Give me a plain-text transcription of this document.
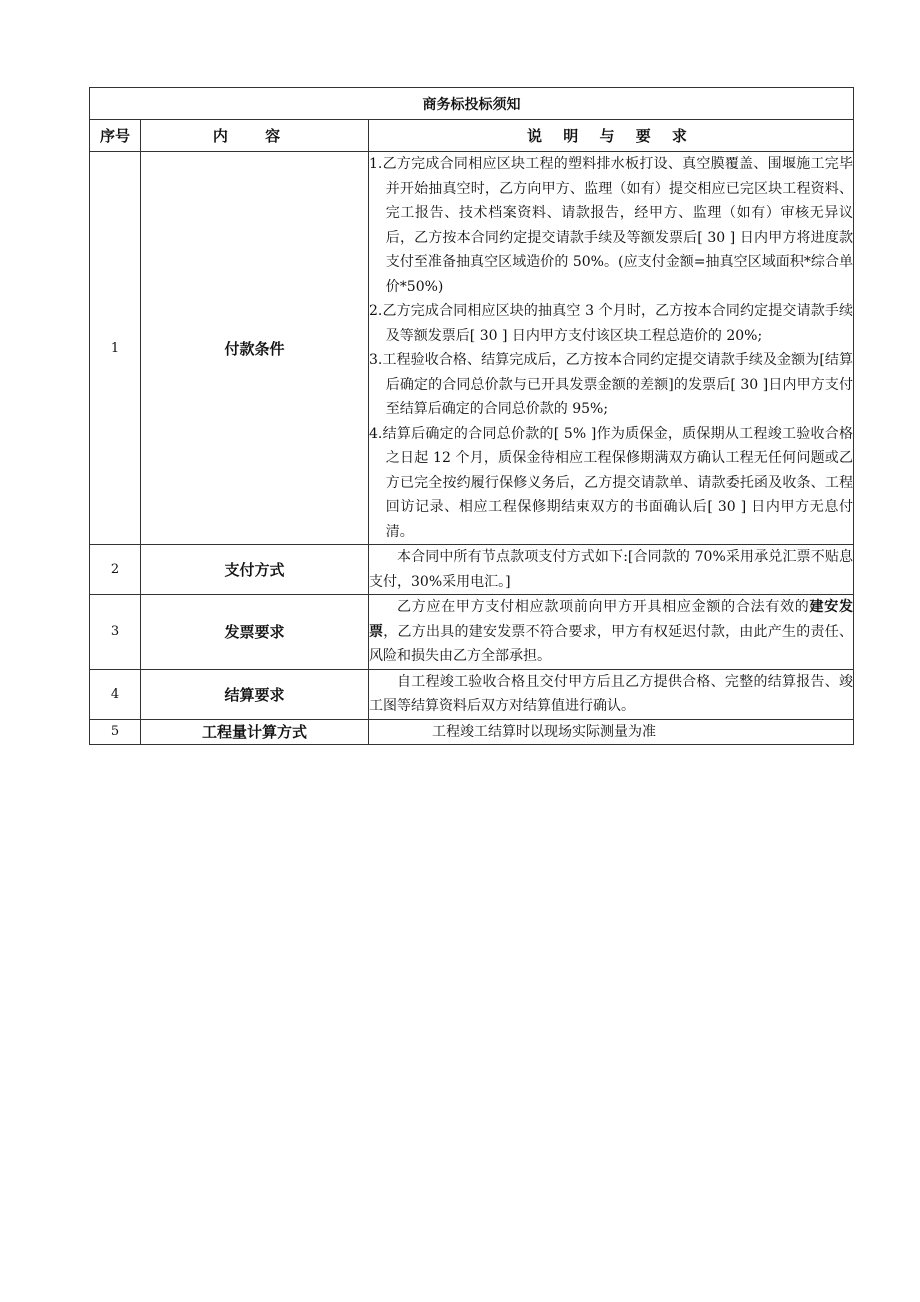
商务标投标须知		
序号	内 容	说 明 与 要 求
1	付款条件	1.乙方完成合同相应区块工程的塑料排水板打设、真空膜覆盖、围堰施工完毕并开始抽真空时，乙方向甲方、监理（如有）提交相应已完区块工程资料、完工报告、技术档案资料、请款报告，经甲方、监理（如有）审核无异议后，乙方按本合同约定提交请款手续及等额发票后[ 30 ] 日内甲方将进度款支付至准备抽真空区域造价的 50%。(应支付金额=抽真空区域面积*综合单价*50%)
2.乙方完成合同相应区块的抽真空 3 个月时，乙方按本合同约定提交请款手续及等额发票后[ 30 ] 日内甲方支付该区块工程总造价的 20%;
3.工程验收合格、结算完成后，乙方按本合同约定提交请款手续及金额为[结算后确定的合同总价款与已开具发票金额的差额]的发票后[ 30 ]日内甲方支付至结算后确定的合同总价款的 95%;
4.结算后确定的合同总价款的[ 5% ]作为质保金，质保期从工程竣工验收合格之日起 12 个月，质保金待相应工程保修期满双方确认工程无任何问题或乙方已完全按约履行保修义务后，乙方提交请款单、请款委托函及收条、工程回访记录、相应工程保修期结束双方的书面确认后[ 30 ] 日内甲方无息付清。

2	支付方式	本合同中所有节点款项支付方式如下:[合同款的 70%采用承兑汇票不贴息支付，30%采用电汇。]

3	发票要求	乙方应在甲方支付相应款项前向甲方开具相应金额的合法有效的建安发票，乙方出具的建安发票不符合要求，甲方有权延迟付款，由此产生的责任、风险和损失由乙方全部承担。

4	结算要求	自工程竣工验收合格且交付甲方后且乙方提供合格、完整的结算报告、竣工图等结算资料后双方对结算值进行确认。

5	工程量计算方式	工程竣工结算时以现场实际测量为准
